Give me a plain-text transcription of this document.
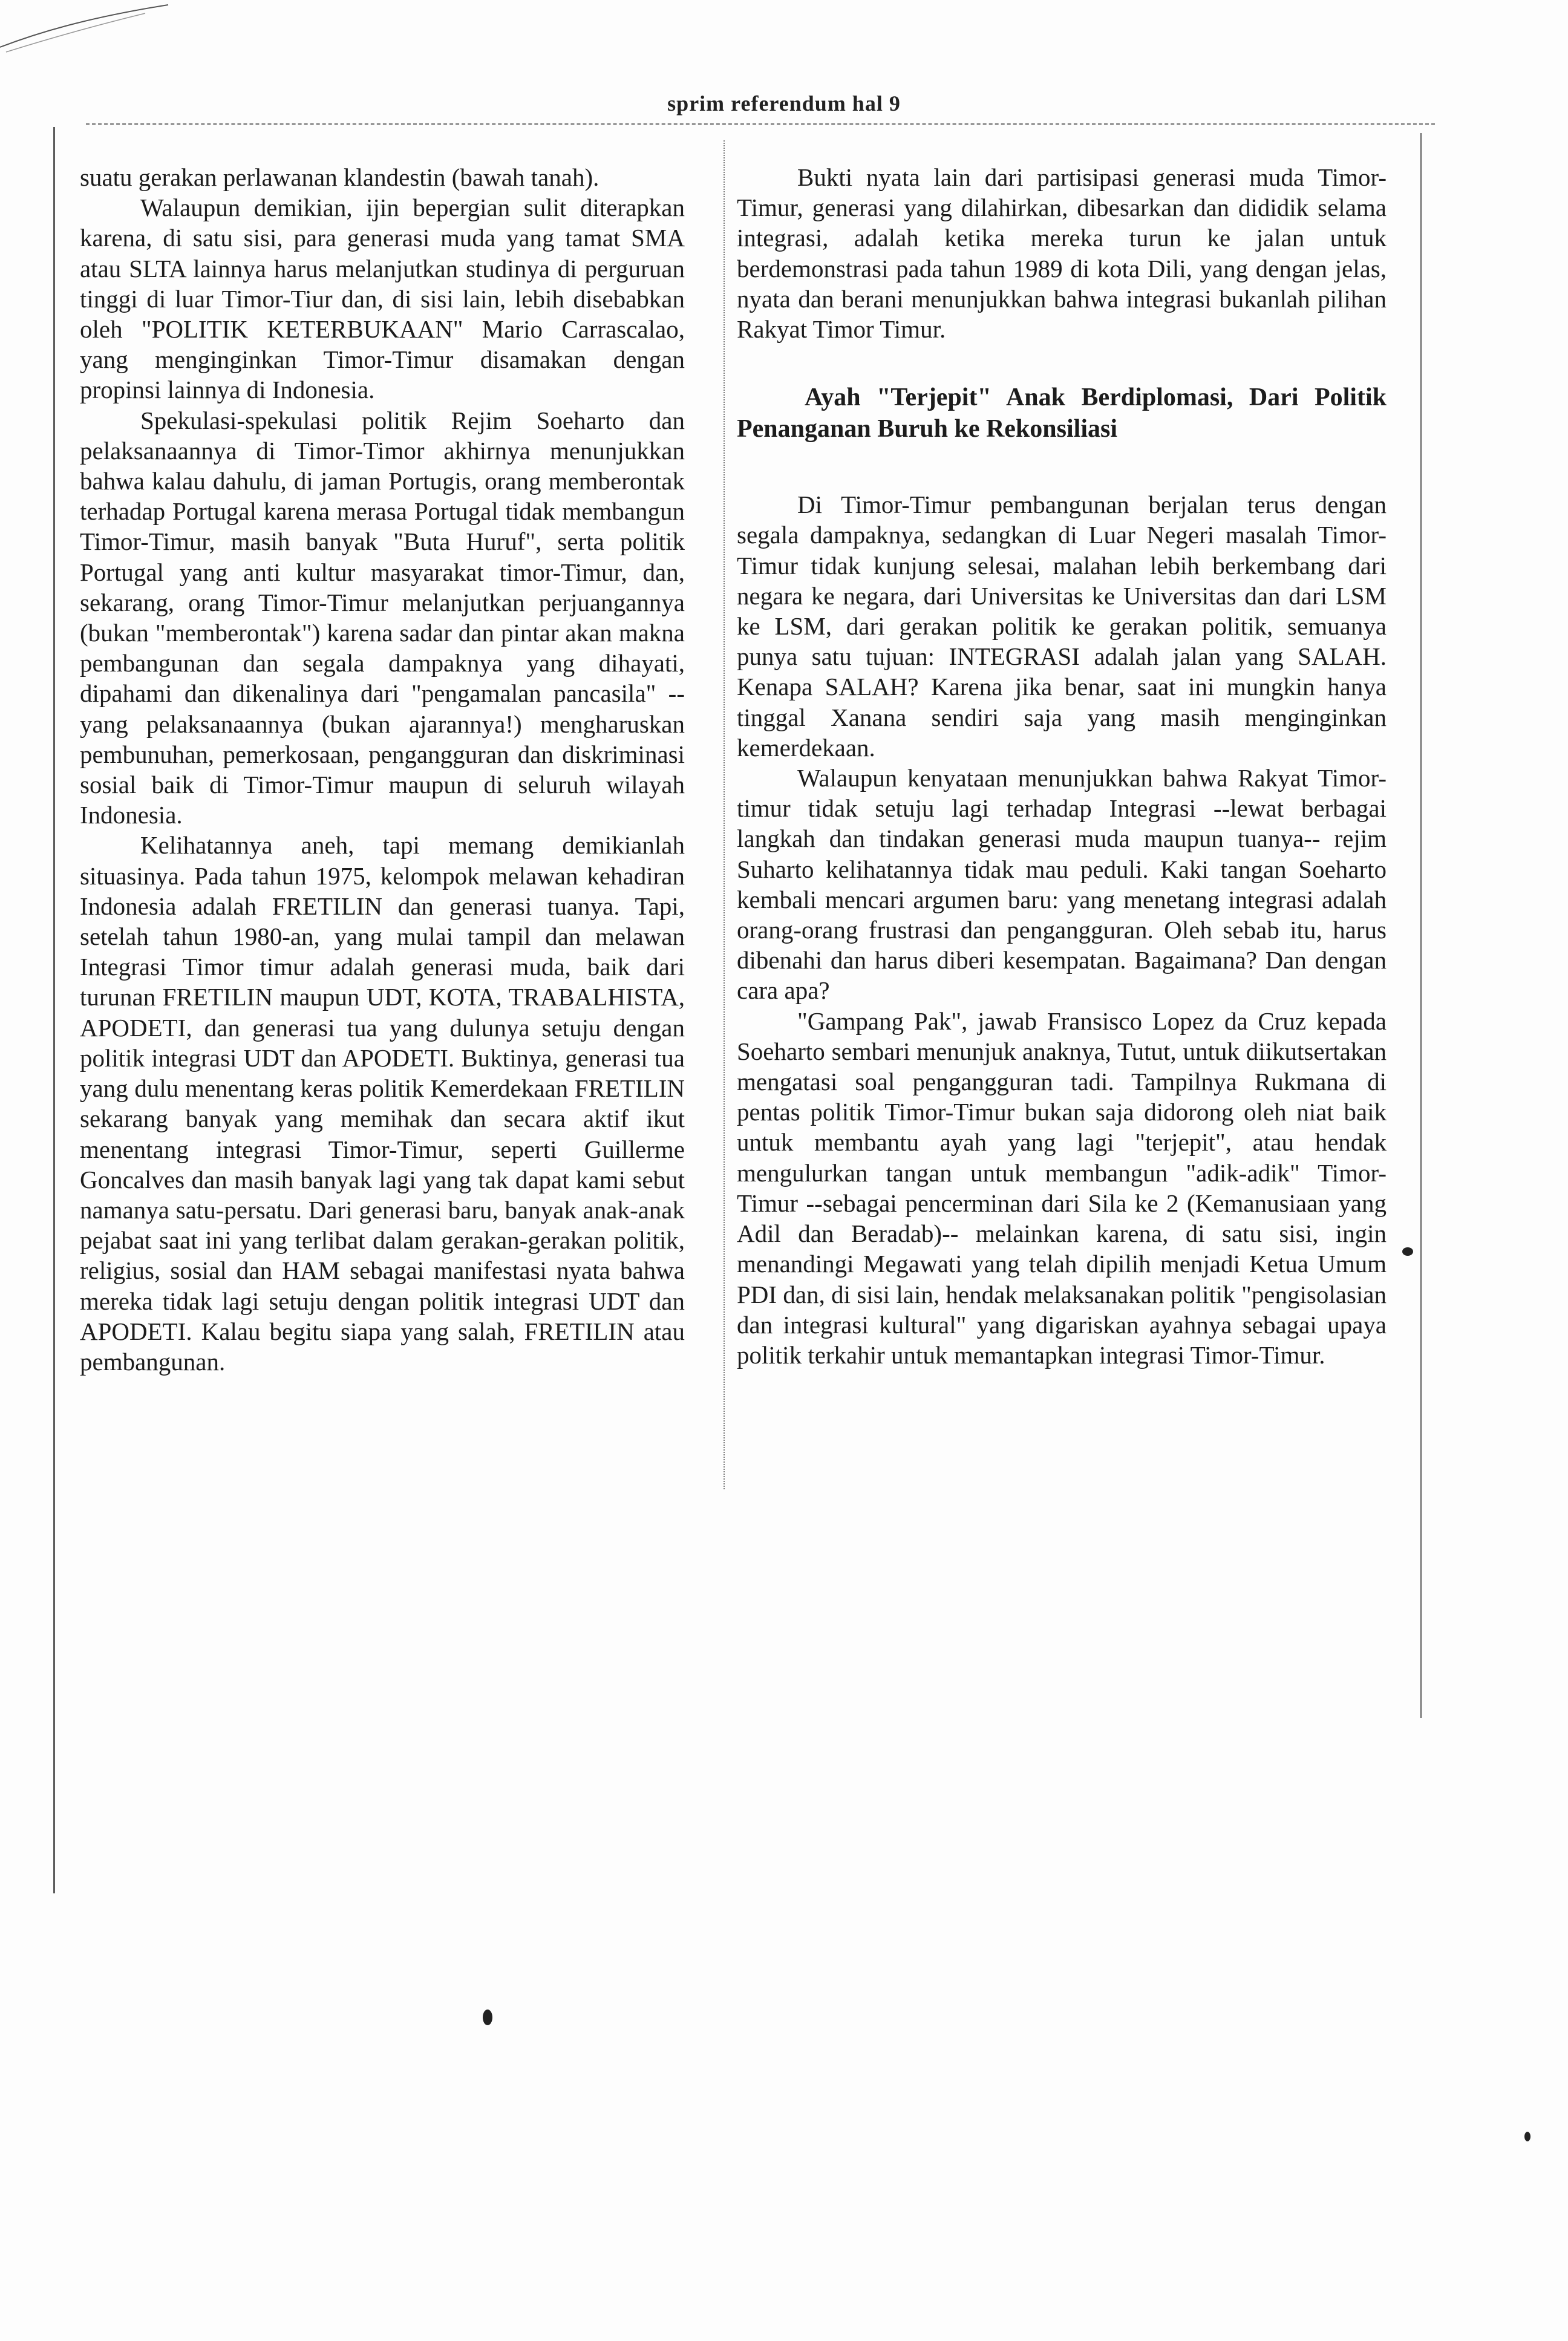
sprim referendum hal 9

suatu gerakan perlawanan klandestin (bawah tanah).

Walaupun demikian, ijin bepergian sulit diterapkan karena, di satu sisi, para generasi muda yang tamat SMA atau SLTA lainnya harus melanjutkan studinya di perguruan tinggi di luar Timor-Tiur dan, di sisi lain, lebih disebabkan oleh "POLITIK KETERBUKAAN" Mario Carrascalao, yang menginginkan Timor-Timur disamakan dengan propinsi lainnya di Indonesia.

Spekulasi-spekulasi politik Rejim Soeharto dan pelaksanaannya di Timor-Timor akhirnya menunjukkan bahwa kalau dahulu, di jaman Portugis, orang memberontak terhadap Portugal karena merasa Portugal tidak membangun Timor-Timur, masih banyak "Buta Huruf", serta politik Portugal yang anti kultur masyarakat timor-Timur, dan, sekarang, orang Timor-Timur melanjutkan perjuangannya (bukan "memberontak") karena sadar dan pintar akan makna pembangunan dan segala dampaknya yang dihayati, dipahami dan dikenalinya dari "pengamalan pancasila" --yang pelaksanaannya (bukan ajarannya!) mengharuskan pembunuhan, pemerkosaan, pengangguran dan diskriminasi sosial baik di Timor-Timur maupun di seluruh wilayah Indonesia.

Kelihatannya aneh, tapi memang demikianlah situasinya. Pada tahun 1975, kelompok melawan kehadiran Indonesia adalah FRETILIN dan generasi tuanya. Tapi, setelah tahun 1980-an, yang mulai tampil dan melawan Integrasi Timor timur adalah generasi muda, baik dari turunan FRETILIN maupun UDT, KOTA, TRABALHISTA, APODETI, dan generasi tua yang dulunya setuju dengan politik integrasi UDT dan APODETI. Buktinya, generasi tua yang dulu menentang keras politik Kemerdekaan FRETILIN sekarang banyak yang memihak dan secara aktif ikut menentang integrasi Timor-Timur, seperti Guillerme Goncalves dan masih banyak lagi yang tak dapat kami sebut namanya satu-persatu. Dari generasi baru, banyak anak-anak pejabat saat ini yang terlibat dalam gerakan-gerakan politik, religius, sosial dan HAM sebagai manifestasi nyata bahwa mereka tidak lagi setuju dengan politik integrasi UDT dan APODETI. Kalau begitu siapa yang salah, FRETILIN atau pembangunan.

Bukti nyata lain dari partisipasi generasi muda Timor-Timur, generasi yang dilahirkan, dibesarkan dan dididik selama integrasi, adalah ketika mereka turun ke jalan untuk berdemonstrasi pada tahun 1989 di kota Dili, yang dengan jelas, nyata dan berani menunjukkan bahwa integrasi bukanlah pilihan Rakyat Timor Timur.

Ayah "Terjepit" Anak Berdiplomasi, Dari Politik Penanganan Buruh ke Rekonsiliasi

Di Timor-Timur pembangunan berjalan terus dengan segala dampaknya, sedangkan di Luar Negeri masalah Timor-Timur tidak kunjung selesai, malahan lebih berkembang dari negara ke negara, dari Universitas ke Universitas dan dari LSM ke LSM, dari gerakan politik ke gerakan politik, semuanya punya satu tujuan: INTEGRASI adalah jalan yang SALAH. Kenapa SALAH? Karena jika benar, saat ini mungkin hanya tinggal Xanana sendiri saja yang masih menginginkan kemerdekaan.

Walaupun kenyataan menunjukkan bahwa Rakyat Timor-timur tidak setuju lagi terhadap Integrasi --lewat berbagai langkah dan tindakan generasi muda maupun tuanya-- rejim Suharto kelihatannya tidak mau peduli. Kaki tangan Soeharto kembali mencari argumen baru: yang menetang integrasi adalah orang-orang frustrasi dan pengangguran. Oleh sebab itu, harus dibenahi dan harus diberi kesempatan. Bagaimana? Dan dengan cara apa?

"Gampang Pak", jawab Fransisco Lopez da Cruz kepada Soeharto sembari menunjuk anaknya, Tutut, untuk diikutsertakan mengatasi soal pengangguran tadi. Tampilnya Rukmana di pentas politik Timor-Timur bukan saja didorong oleh niat baik untuk membantu ayah yang lagi "terjepit", atau hendak mengulurkan tangan untuk membangun "adik-adik" Timor-Timur --sebagai pencerminan dari Sila ke 2 (Kemanusiaan yang Adil dan Beradab)-- melainkan karena, di satu sisi, ingin menandingi Megawati yang telah dipilih menjadi Ketua Umum PDI dan, di sisi lain, hendak melaksanakan politik "pengisolasian dan integrasi kultural" yang digariskan ayahnya sebagai upaya politik terkahir untuk memantapkan integrasi Timor-Timur.
